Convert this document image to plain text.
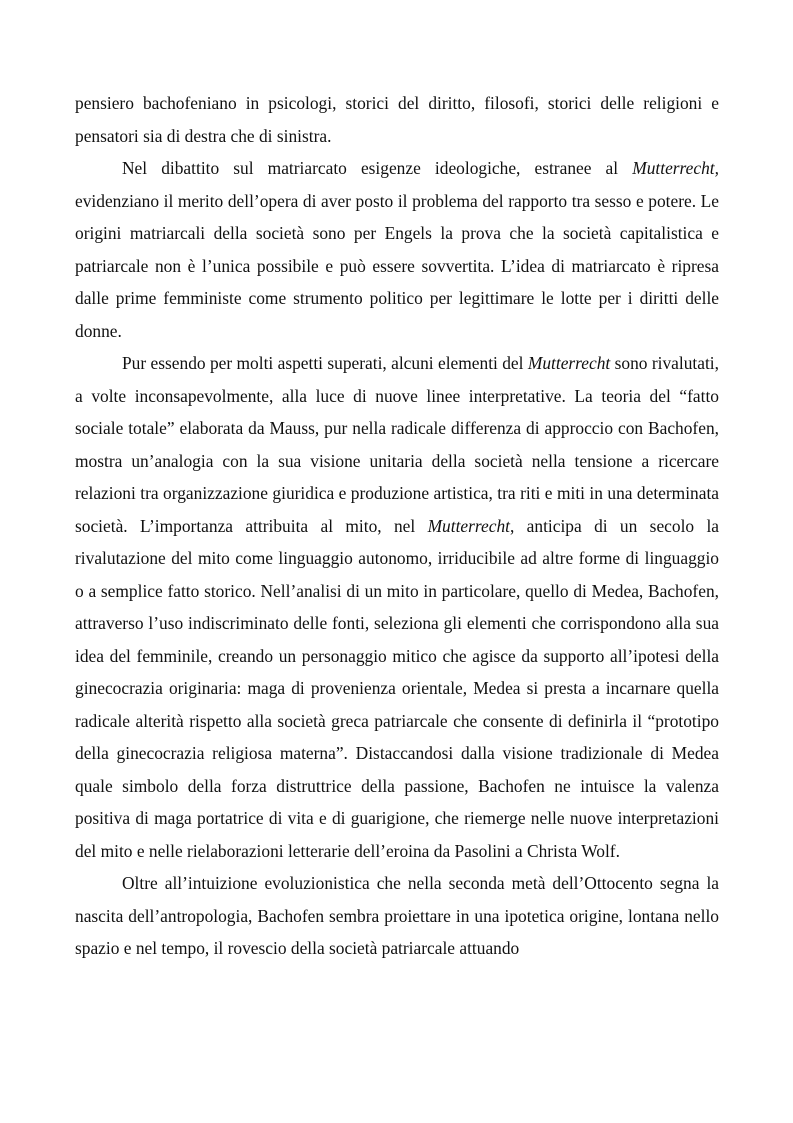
pensiero bachofeniano in psicologi, storici del diritto, filosofi, storici delle religioni e pensatori sia di destra che di sinistra.

Nel dibattito sul matriarcato esigenze ideologiche, estranee al Mutterrecht, evidenziano il merito dell’opera di aver posto il problema del rapporto tra sesso e potere. Le origini matriarcali della società sono per Engels la prova che la società capitalistica e patriarcale non è l’unica possibile e può essere sovvertita. L’idea di matriarcato è ripresa dalle prime femministe come strumento politico per legittimare le lotte per i diritti delle donne.

Pur essendo per molti aspetti superati, alcuni elementi del Mutterrecht sono rivalutati, a volte inconsapevolmente, alla luce di nuove linee interpretative. La teoria del “fatto sociale totale” elaborata da Mauss, pur nella radicale differenza di approccio con Bachofen, mostra un’analogia con la sua visione unitaria della società nella tensione a ricercare relazioni tra organizzazione giuridica e produzione artistica, tra riti e miti in una determinata società. L’importanza attribuita al mito, nel Mutterrecht, anticipa di un secolo la rivalutazione del mito come linguaggio autonomo, irriducibile ad altre forme di linguaggio o a semplice fatto storico. Nell’analisi di un mito in particolare, quello di Medea, Bachofen, attraverso l’uso indiscriminato delle fonti, seleziona gli elementi che corrispondono alla sua idea del femminile, creando un personaggio mitico che agisce da supporto all’ipotesi della ginecocrazia originaria: maga di provenienza orientale, Medea si presta a incarnare quella radicale alterità rispetto alla società greca patriarcale che consente di definirla il “prototipo della ginecocrazia religiosa materna”. Distaccandosi dalla visione tradizionale di Medea quale simbolo della forza distruttrice della passione, Bachofen ne intuisce la valenza positiva di maga portatrice di vita e di guarigione, che riemerge nelle nuove interpretazioni del mito e nelle rielaborazioni letterarie dell’eroina da Pasolini a Christa Wolf.

Oltre all’intuizione evoluzionistica che nella seconda metà dell’Ottocento segna la nascita dell’antropologia, Bachofen sembra proiettare in una ipotetica origine, lontana nello spazio e nel tempo, il rovescio della società patriarcale attuando
